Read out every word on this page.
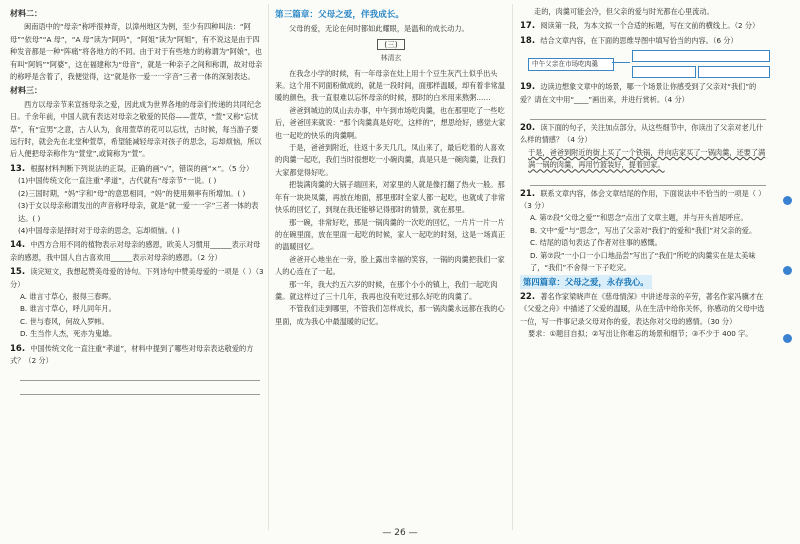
材料二：

闽南语中的“母亲”称呼很神奇，以漳州地区为例，至少有四种叫法：“阿母”“依母”“A 母”，“A 母”读为“阿吗”，“阿姐”读为“阿姐”，有不说这是由于四种发音都是一种“阵痛”将各地方的不同。由于对于有些地方的称谓为“阿娘”，也有叫“阿妈”“阿婆”，这在福建称为“母音”，就是一种亲子之间和称谓，故对母亲的称呼是含着了，我便觉得，这“就是你一爱一一字音”三者一体的深刻表达。

材料三：

西方以母亲节来宣扬母亲之爱，因此成为世界各地的母亲们传递的共同纪念日。千余年前，中国人就有表达对母亲之敬爱的民俗——萱草，“萱”又称“忘忧草”，有“宜男”之意，古人认为，食用萱草的花可以忘忧，古时候，每当游子要远行时，就会先在北堂种萱草，希望能减轻母亲对孩子的思念，忘却烦恼，所以后人便把母亲称作为“萱堂”,或简称为“萱”。

13. 根据材料判断下列说法的正误，正确的画“√”，错误的画“×”。（5 分）
(1)中国传统文化一直注重“孝道”，古代就有“母亲节”一说。( )
(2)三国时期，“妈”字和“母”的意思相同，“妈”的使用频率有所增加。( )
(3)于女以母亲称谓发出的声音称呼母亲，就是“就一爱一一字”三者一体的表达。( )
(4)中国母亲是择时对于母亲的思念，忘却烦恼。( )
14. 中西方合用不同的植物表示对母亲的感恩，欧美人习惯用______表示对母亲的感恩，我中国人自古喜欢用______表示对母亲的感恩。（2 分）
15. 读完短文，我想起赞美母爱的诗句。下列诗句中赞美母爱的一项是（ ）（3 分）
A. 谁言寸草心，报得三春晖。
B. 谁言寸草心，呼儿同年月。
C. 世与春风，何故入罗帏。
D. 生当作人杰，死亦为鬼雄。
16. 中国传统文化一直注重“孝道”，材料中提到了哪些对母亲表达敬爱的方式？（2 分）
第三篇章：父母之爱，伴我成长。

父母的爱，无论在何时都如此耀眼，是温和的成长动力。

(三)
林清玄

在我念小学的时候，有一年母亲在灶上用十个豆生灰汽土似乎出头来。这个用不同面粉做成的，就是一段时间，面那样温暖，却有着非常温暖的颜色，我一直很难以忘怀母亲的时候，那时的白米用来熬粥……

爸爸到城边的凤山去办事，中午到市场吃肉羹，也在那里吃了一些吃后，爸爸回来就说：“那个肉羹真是好吃，这样的”，想思给好，感觉大家也一起吃的快乐的肉羹啊。

于是，爸爸到附近，往返十多天几几，凤山来了，最后吃着的人喜欢的肉羹一起吃，我们当时很想吃一小碗肉羹，真是只是一碗肉羹，让我们大家都觉得好吃。

把装满肉羹的大锅子端回来，对家里的人就是像打翻了热火一般。那年有一块块凤羹，再放在地面，那里那时全家人都一起吃，也就成了非常快乐的回忆了，到现在我还能够记得那时的情景，就在那里。

那一碗，非常好吃，那是一锅肉羹的一次吃的回忆，一片片一片一片的在碗里面，放在里面一起吃的时候，家人一起吃的时刻，这是一场真正的温暖回忆。

爸爸开心地坐在一旁，脸上露出幸福的笑容，一锅的肉羹把我们一家人的心连在了一起。

那一年，我大约五六岁的时候，在那个小小的镇上，我们一起吃肉羹。就这样过了三十几年，我再也没有吃过那么好吃的肉羹了。

不管我们走到哪里，不管我们怎样成长，那一锅肉羹永远都在我的心里面，成为我心中最温暖的记忆。

走的，肉羹可能会冷，但父亲的爱与时光都在心里流动。

17. 阅读第一段，为本文拟一个合适的标题，写在文前的横线上。（2 分）
18. 结合文章内容，在下面的思维导图中填写恰当的内容。（6 分）
中午父亲在市场吃肉羹
19. 边读边想象文章中的场景，哪一个场景让你感受到了父亲对“我们”的爱？请在文中用“____”画出来，并进行赏析。（4 分）
20. 读下面的句子，关注加点部分，从这些细节中，你读出了父亲对老儿什么样的情感？（4 分）

于是，爸爸到附近的街上买了一个铁锅，并向店家买了一锅肉羹，还要了满满一锅的肉羹，再用竹篮装好，提着回家。

21. 联系文章内容，体会文章结尾的作用，下面说法中不恰当的一项是（ ）（3 分）
A. 第⑦段“父母之爱”“和思念”点出了文章主题，并与开头首尾呼应。
B. 文中“爱”与“思念”，写出了父亲对“我们”的爱和“我们”对父亲的爱。
C. 结尾的语句表达了作者对往事的感慨。
D. 第⑦段“一小口一小口地品尝”写出了“我们”所吃的肉羹实在是太美味了，“我们”不舍得一下子吃完。
第四篇章：父母之爱，永存我心。
22. 著名作家梁晓声在《慈母情深》中讲述母亲的辛劳，著名作家冯骥才在《父爱之舟》中描述了父爱的温暖，从在生活中给你关怀，你感动的父母中选一位，写一件事记录父母对你的爱，表达你对父母的感情。（30 分）

要求：①题目自拟；②写出让你难忘的场景和细节；③不少于 400 字。

— 26 —
